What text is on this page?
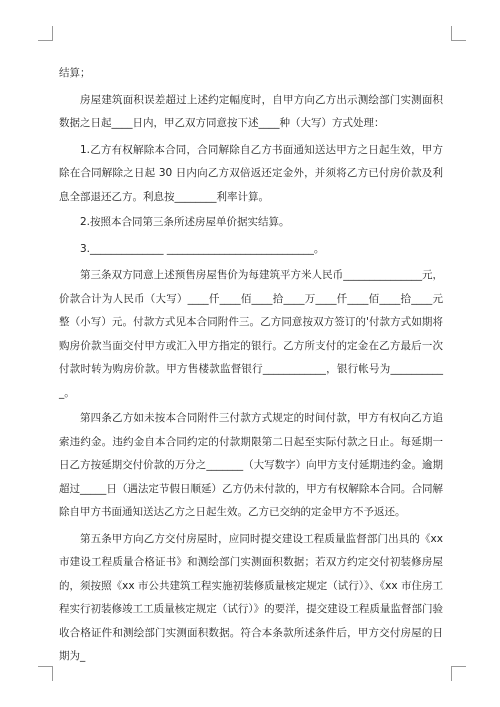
结算；

房屋建筑面积误差超过上述约定幅度时，自甲方向乙方出示测绘部门实测面积数据之日起____日内，甲乙双方同意按下述____种（大写）方式处理：

1.乙方有权解除本合同，合同解除自乙方书面通知送达甲方之日起生效，甲方除在合同解除之日起 30 日内向乙方双倍返还定金外，并须将乙方已付房价款及利息全部退还乙方。利息按________利率计算。

2.按照本合同第三条所述房屋单价据实结算。

3.______________ ____________________________。

第三条双方同意上述预售房屋售价为每建筑平方米人民币_______________元，价款合计为人民币（大写）____仟____佰____拾____万____仟____佰____拾____元整（小写）元。付款方式见本合同附件三。乙方同意按双方签订的'付款方式如期将购房价款当面交付甲方或汇入甲方指定的银行。乙方所支付的定金在乙方最后一次付款时转为购房价款。甲方售楼款监督银行____________，银行帐号为___________。

第四条乙方如未按本合同附件三付款方式规定的时间付款，甲方有权向乙方追索违约金。违约金自本合同约定的付款期限第二日起至实际付款之日止。每延期一日乙方按延期交付价款的万分之_______（大写数字）向甲方支付延期违约金。逾期超过_____日（遇法定节假日顺延）乙方仍未付款的，甲方有权解除本合同。合同解除自甲方书面通知送达乙方之日起生效。乙方已交纳的定金甲方不予返还。

第五条甲方向乙方交付房屋时，应同时提交建设工程质量监督部门出具的《xx 市建设工程质量合格证书》和测绘部门实测面积数据；若双方约定交付初装修房屋的，须按照《xx 市公共建筑工程实施初装修质量核定规定（试行）》、《xx 市住房工程实行初装修竣工工质量核定规定（试行）》的要洋，提交建设工程质量监督部门验收合格证件和测绘部门实测面积数据。符合本条款所述条件后，甲方交付房屋的日期为_
